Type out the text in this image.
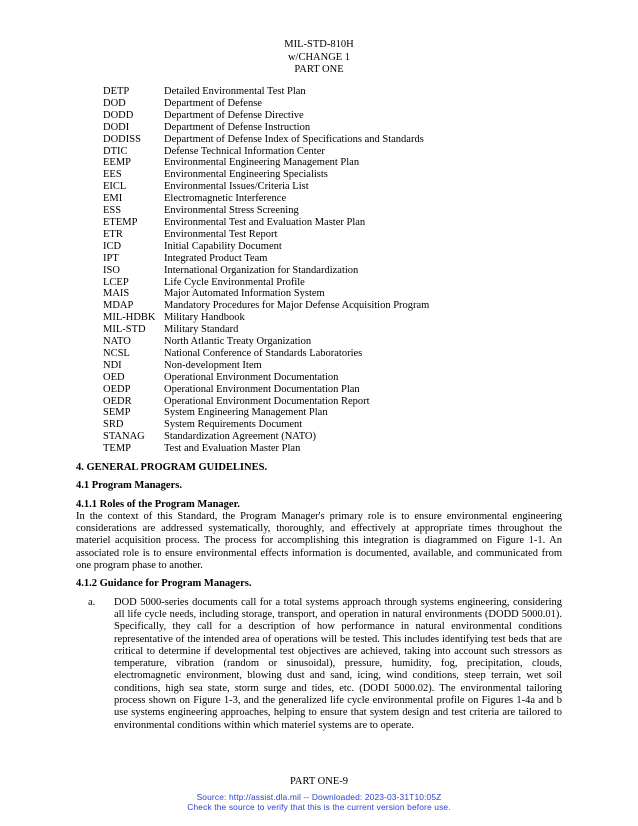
MIL-STD-810H
w/CHANGE 1
PART ONE
DETP	Detailed Environmental Test Plan
DOD	Department of Defense
DODD	Department of Defense Directive
DODI	Department of Defense Instruction
DODISS	Department of Defense Index of Specifications and Standards
DTIC	Defense Technical Information Center
EEMP	Environmental Engineering Management Plan
EES	Environmental Engineering Specialists
EICL	Environmental Issues/Criteria List
EMI	Electromagnetic Interference
ESS	Environmental Stress Screening
ETEMP	Environmental Test and Evaluation Master Plan
ETR	Environmental Test Report
ICD	Initial Capability Document
IPT	Integrated Product Team
ISO	International Organization for Standardization
LCEP	Life Cycle Environmental Profile
MAIS	Major Automated Information System
MDAP	Mandatory Procedures for Major Defense Acquisition Program
MIL-HDBK Military Handbook
MIL-STD	Military Standard
NATO	North Atlantic Treaty Organization
NCSL	National Conference of Standards Laboratories
NDI	Non-development Item
OED	Operational Environment Documentation
OEDP	Operational Environment Documentation Plan
OEDR	Operational Environment Documentation Report
SEMP	System Engineering Management Plan
SRD	System Requirements Document
STANAG	Standardization Agreement (NATO)
TEMP	Test and Evaluation Master Plan
4. GENERAL PROGRAM GUIDELINES.
4.1 Program Managers.
4.1.1 Roles of the Program Manager.
In the context of this Standard, the Program Manager's primary role is to ensure environmental engineering considerations are addressed systematically, thoroughly, and effectively at appropriate times throughout the materiel acquisition process. The process for accomplishing this integration is diagrammed on Figure 1-1. An associated role is to ensure environmental effects information is documented, available, and communicated from one program phase to another.
4.1.2 Guidance for Program Managers.
a.	DOD 5000-series documents call for a total systems approach through systems engineering, considering all life cycle needs, including storage, transport, and operation in natural environments (DODD 5000.01). Specifically, they call for a description of how performance in natural environmental conditions representative of the intended area of operations will be tested. This includes identifying test beds that are critical to determine if developmental test objectives are achieved, taking into account such stressors as temperature, vibration (random or sinusoidal), pressure, humidity, fog, precipitation, clouds, electromagnetic environment, blowing dust and sand, icing, wind conditions, steep terrain, wet soil conditions, high sea state, storm surge and tides, etc. (DODI 5000.02). The environmental tailoring process shown on Figure 1-3, and the generalized life cycle environmental profile on Figures 1-4a and b use systems engineering approaches, helping to ensure that system design and test criteria are tailored to environmental conditions within which materiel systems are to operate.
PART ONE-9
Source: http://assist.dla.mil -- Downloaded: 2023-03-31T10:05Z
Check the source to verify that this is the current version before use.
